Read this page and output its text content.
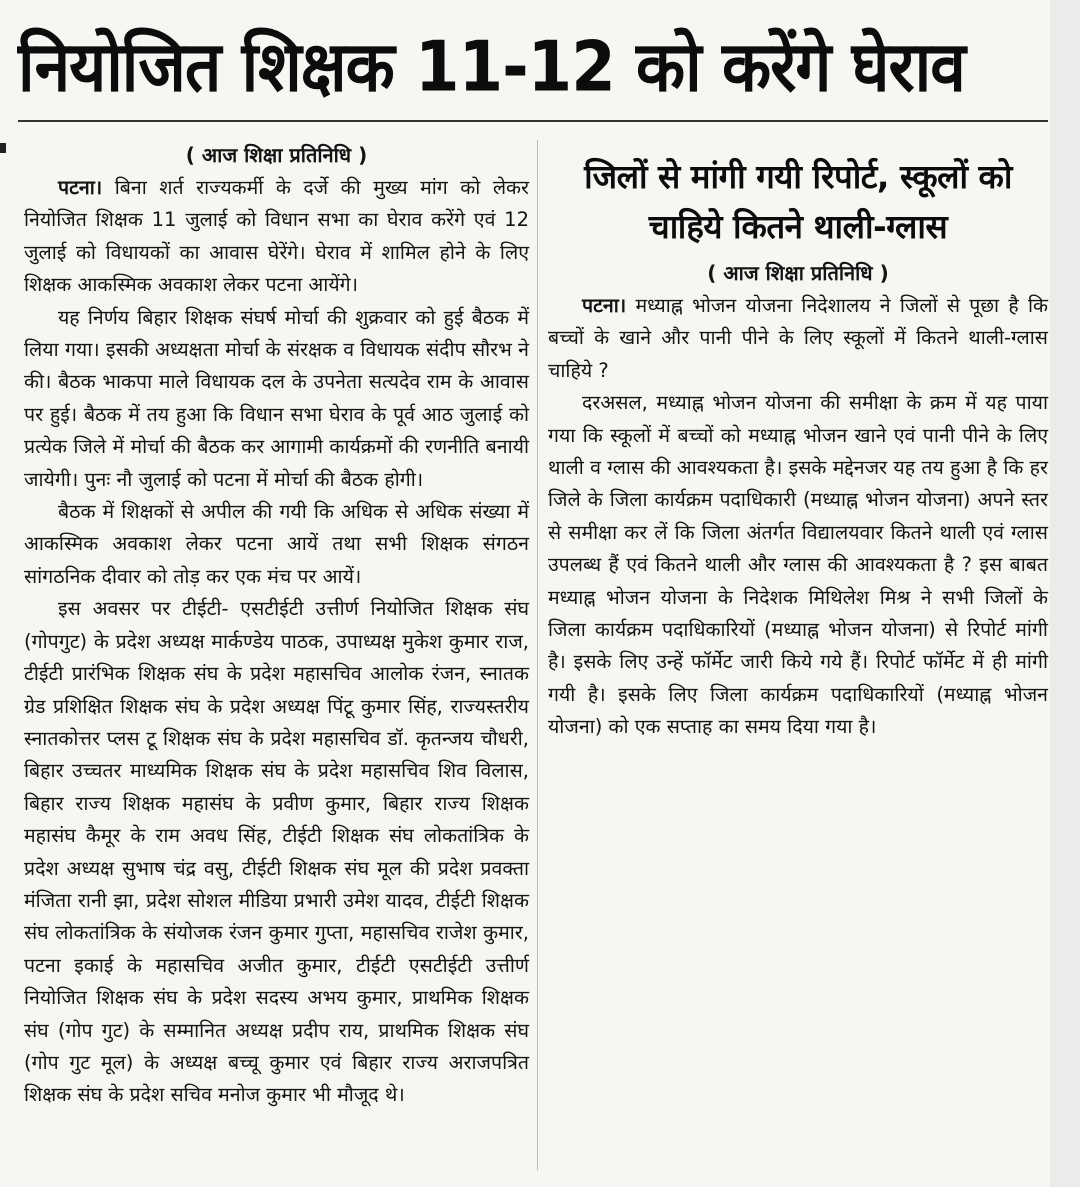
नियोजित शिक्षक 11-12 को करेंगे घेराव

( आज शिक्षा प्रतिनिधि )

पटना। बिना शर्त राज्यकर्मी के दर्जे की मुख्य मांग को लेकर नियोजित शिक्षक 11 जुलाई को विधान सभा का घेराव करेंगे एवं 12 जुलाई को विधायकों का आवास घेरेंगे। घेराव में शामिल होने के लिए शिक्षक आकस्मिक अवकाश लेकर पटना आयेंगे।

यह निर्णय बिहार शिक्षक संघर्ष मोर्चा की शुक्रवार को हुई बैठक में लिया गया। इसकी अध्यक्षता मोर्चा के संरक्षक व विधायक संदीप सौरभ ने की। बैठक भाकपा माले विधायक दल के उपनेता सत्यदेव राम के आवास पर हुई। बैठक में तय हुआ कि विधान सभा घेराव के पूर्व आठ जुलाई को प्रत्येक जिले में मोर्चा की बैठक कर आगामी कार्यक्रमों की रणनीति बनायी जायेगी। पुनः नौ जुलाई को पटना में मोर्चा की बैठक होगी।

बैठक में शिक्षकों से अपील की गयी कि अधिक से अधिक संख्या में आकस्मिक अवकाश लेकर पटना आयें तथा सभी शिक्षक संगठन सांगठनिक दीवार को तोड़ कर एक मंच पर आयें।

इस अवसर पर टीईटी- एसटीईटी उत्तीर्ण नियोजित शिक्षक संघ (गोपगुट) के प्रदेश अध्यक्ष मार्कण्डेय पाठक, उपाध्यक्ष मुकेश कुमार राज, टीईटी प्रारंभिक शिक्षक संघ के प्रदेश महासचिव आलोक रंजन, स्नातक ग्रेड प्रशिक्षित शिक्षक संघ के प्रदेश अध्यक्ष पिंटू कुमार सिंह, राज्यस्तरीय स्नातकोत्तर प्लस टू शिक्षक संघ के प्रदेश महासचिव डॉ. कृतन्जय चौधरी, बिहार उच्चतर माध्यमिक शिक्षक संघ के प्रदेश महासचिव शिव विलास, बिहार राज्य शिक्षक महासंघ के प्रवीण कुमार, बिहार राज्य शिक्षक महासंघ कैमूर के राम अवध सिंह, टीईटी शिक्षक संघ लोकतांत्रिक के प्रदेश अध्यक्ष सुभाष चंद्र वसु, टीईटी शिक्षक संघ मूल की प्रदेश प्रवक्ता मंजिता रानी झा, प्रदेश सोशल मीडिया प्रभारी उमेश यादव, टीईटी शिक्षक संघ लोकतांत्रिक के संयोजक रंजन कुमार गुप्ता, महासचिव राजेश कुमार, पटना इकाई के महासचिव अजीत कुमार, टीईटी एसटीईटी उत्तीर्ण नियोजित शिक्षक संघ के प्रदेश सदस्य अभय कुमार, प्राथमिक शिक्षक संघ (गोप गुट) के सम्मानित अध्यक्ष प्रदीप राय, प्राथमिक शिक्षक संघ (गोप गुट मूल) के अध्यक्ष बच्चू कुमार एवं बिहार राज्य अराजपत्रित शिक्षक संघ के प्रदेश सचिव मनोज कुमार भी मौजूद थे।

जिलों से मांगी गयी रिपोर्ट, स्कूलों को
चाहिये कितने थाली-ग्लास

( आज शिक्षा प्रतिनिधि )

पटना। मध्याह्न भोजन योजना निदेशालय ने जिलों से पूछा है कि बच्चों के खाने और पानी पीने के लिए स्कूलों में कितने थाली-ग्लास चाहिये ?

दरअसल, मध्याह्न भोजन योजना की समीक्षा के क्रम में यह पाया गया कि स्कूलों में बच्चों को मध्याह्न भोजन खाने एवं पानी पीने के लिए थाली व ग्लास की आवश्यकता है। इसके मद्देनजर यह तय हुआ है कि हर जिले के जिला कार्यक्रम पदाधिकारी (मध्याह्न भोजन योजना) अपने स्तर से समीक्षा कर लें कि जिला अंतर्गत विद्यालयवार कितने थाली एवं ग्लास उपलब्ध हैं एवं कितने थाली और ग्लास की आवश्यकता है ? इस बाबत मध्याह्न भोजन योजना के निदेशक मिथिलेश मिश्र ने सभी जिलों के जिला कार्यक्रम पदाधिकारियों (मध्याह्न भोजन योजना) से रिपोर्ट मांगी है। इसके लिए उन्हें फॉर्मेट जारी किये गये हैं। रिपोर्ट फॉर्मेट में ही मांगी गयी है। इसके लिए जिला कार्यक्रम पदाधिकारियों (मध्याह्न भोजन योजना) को एक सप्ताह का समय दिया गया है।
